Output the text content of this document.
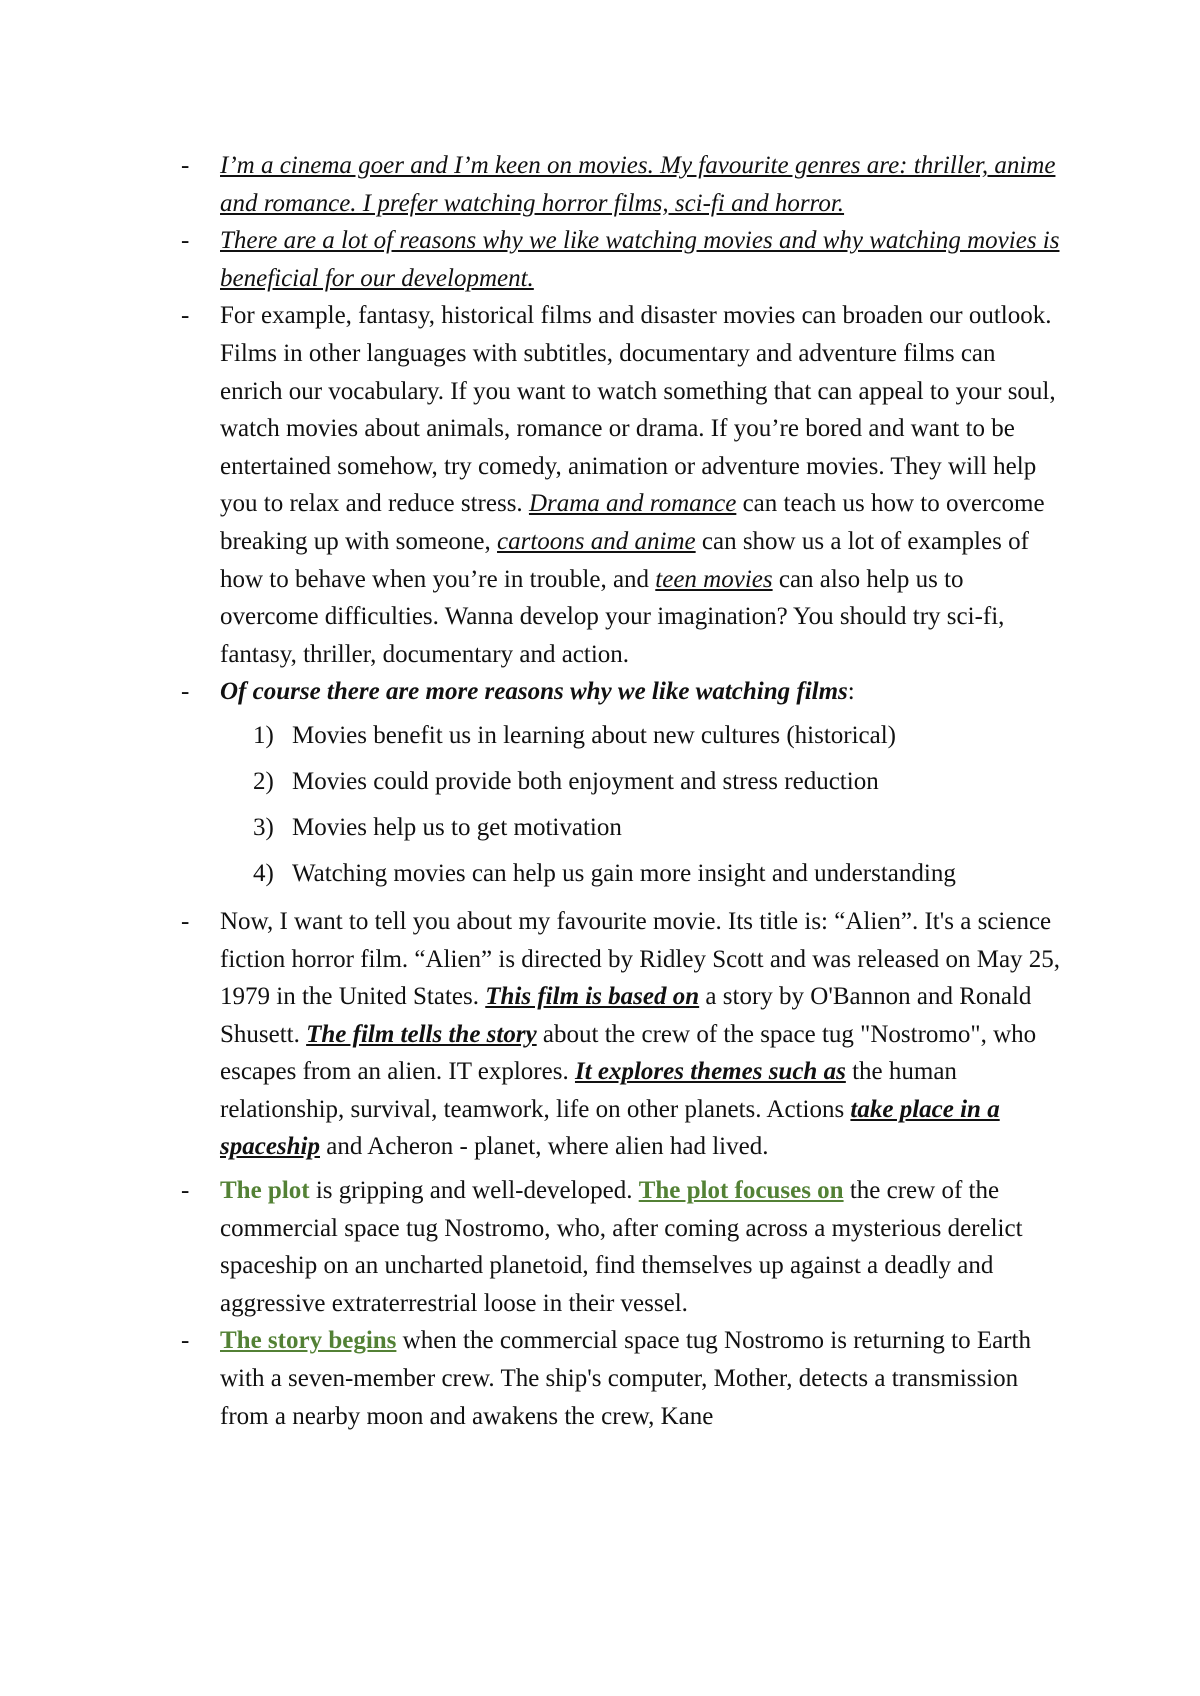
- I’m a cinema goer and I’m keen on movies. My favourite genres are: thriller, anime and romance. I prefer watching horror films, sci-fi and horror.
- There are a lot of reasons why we like watching movies and why watching movies is beneficial for our development.
- For example, fantasy, historical films and disaster movies can broaden our outlook. Films in other languages with subtitles, documentary and adventure films can enrich our vocabulary. If you want to watch something that can appeal to your soul, watch movies about animals, romance or drama. If you’re bored and want to be entertained somehow, try comedy, animation or adventure movies. They will help you to relax and reduce stress. Drama and romance can teach us how to overcome breaking up with someone, cartoons and anime can show us a lot of examples of how to behave when you’re in trouble, and teen movies can also help us to overcome difficulties. Wanna develop your imagination? You should try sci-fi, fantasy, thriller, documentary and action.
- Of course there are more reasons why we like watching films:
1) Movies benefit us in learning about new cultures (historical)
2) Movies could provide both enjoyment and stress reduction
3) Movies help us to get motivation
4) Watching movies can help us gain more insight and understanding
- Now, I want to tell you about my favourite movie. Its title is: “Alien”. It's a science fiction horror film. “Alien” is directed by Ridley Scott and was released on May 25, 1979 in the United States. This film is based on a story by O'Bannon and Ronald Shusett. The film tells the story about the crew of the space tug "Nostromo", who escapes from an alien. IT explores. It explores themes such as the human relationship, survival, teamwork, life on other planets. Actions take place in a spaceship and Acheron - planet, where alien had lived.
- The plot is gripping and well-developed. The plot focuses on the crew of the commercial space tug Nostromo, who, after coming across a mysterious derelict spaceship on an uncharted planetoid, find themselves up against a deadly and aggressive extraterrestrial loose in their vessel.
- The story begins when the commercial space tug Nostromo is returning to Earth with a seven-member crew. The ship's computer, Mother, detects a transmission from a nearby moon and awakens the crew, Kane
